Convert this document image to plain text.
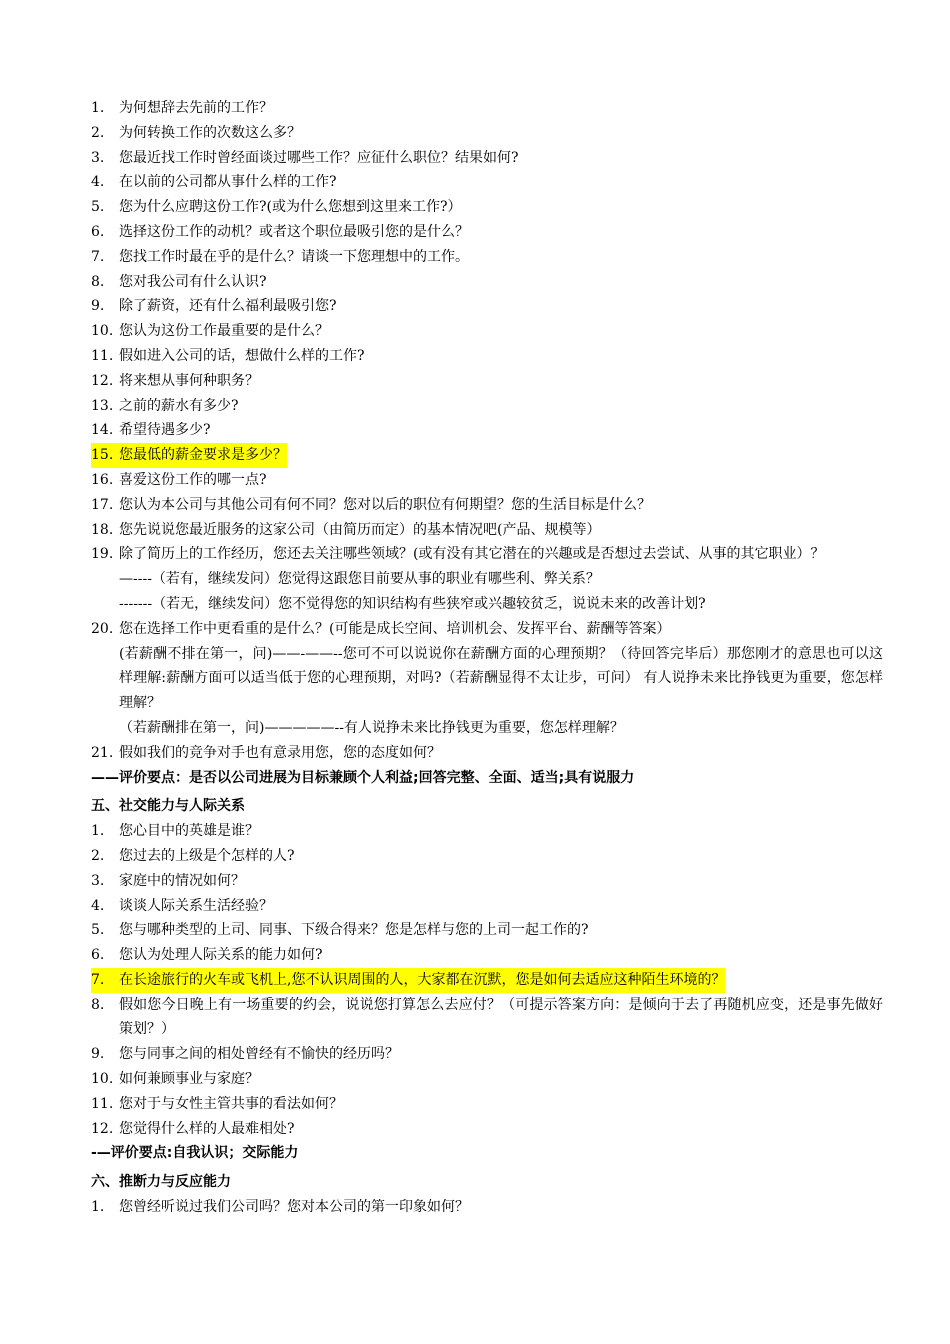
1.	为何想辞去先前的工作？
2.	为何转换工作的次数这么多？
3.	您最近找工作时曾经面谈过哪些工作？应征什么职位？结果如何?
4.	在以前的公司都从事什么样的工作?
5.	您为什么应聘这份工作?(或为什么您想到这里来工作?）
6.	选择这份工作的动机？或者这个职位最吸引您的是什么？
7.	您找工作时最在乎的是什么？请谈一下您理想中的工作。
8.	您对我公司有什么认识?
9.	除了薪资，还有什么福利最吸引您?
10. 您认为这份工作最重要的是什么？
11. 假如进入公司的话，想做什么样的工作?
12. 将来想从事何种职务？
13. 之前的薪水有多少?
14. 希望待遇多少?
15. 您最低的薪金要求是多少？
16. 喜爱这份工作的哪一点?
17. 您认为本公司与其他公司有何不同？您对以后的职位有何期望？您的生活目标是什么？
18. 您先说说您最近服务的这家公司（由简历而定）的基本情况吧(产品、规模等）
19. 除了简历上的工作经历，您还去关注哪些领域？(或有没有其它潜在的兴趣或是否想过去尝试、从事的其它职业）？
—----（若有，继续发问）您觉得这跟您目前要从事的职业有哪些利、弊关系？
-------（若无，继续发问）您不觉得您的知识结构有些狭窄或兴趣较贫乏，说说未来的改善计划?
20. 您在选择工作中更看重的是什么？(可能是成长空间、培训机会、发挥平台、薪酬等答案）
(若薪酬不排在第一，问)——-——--您可不可以说说你在薪酬方面的心理预期？（待回答完毕后）那您刚才的意思也可以这样理解:薪酬方面可以适当低于您的心理预期，对吗?（若薪酬显得不太让步，可问） 有人说挣未来比挣钱更为重要，您怎样理解？
（若薪酬排在第一，问)—————--有人说挣未来比挣钱更为重要，您怎样理解？
21. 假如我们的竞争对手也有意录用您，您的态度如何？
——评价要点：是否以公司进展为目标兼顾个人利益;回答完整、全面、适当;具有说服力
五、社交能力与人际关系
1.	您心目中的英雄是谁？
2.	您过去的上级是个怎样的人?
3.	家庭中的情况如何？
4.	谈谈人际关系生活经验？
5.	您与哪种类型的上司、同事、下级合得来？您是怎样与您的上司一起工作的?
6.	您认为处理人际关系的能力如何?
7.	在长途旅行的火车或飞机上,您不认识周围的人，大家都在沉默，您是如何去适应这种陌生环境的？
8.	假如您今日晚上有一场重要的约会，说说您打算怎么去应付？（可提示答案方向：是倾向于去了再随机应变，还是事先做好策划？）
9.	您与同事之间的相处曾经有不愉快的经历吗？
10. 如何兼顾事业与家庭？
11. 您对于与女性主管共事的看法如何？
12. 您觉得什么样的人最难相处?
-—评价要点:自我认识；交际能力
六、推断力与反应能力
1.	您曾经听说过我们公司吗？您对本公司的第一印象如何？
